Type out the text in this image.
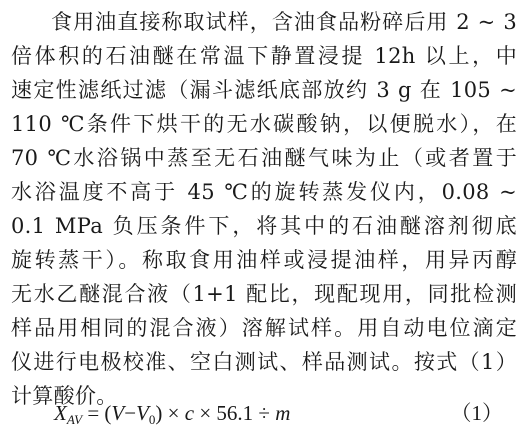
食用油直接称取试样，含油食品粉碎后用 2 ~ 3
倍体积的石油醚在常温下静置浸提 12h 以上，中
速定性滤纸过滤（漏斗滤纸底部放约 3 g 在 105 ~
110 ℃条件下烘干的无水碳酸钠，以便脱水），在
70 ℃水浴锅中蒸至无石油醚气味为止（或者置于
水浴温度不高于 45 ℃的旋转蒸发仪内，0.08 ~
0.1 MPa 负压条件下，将其中的石油醚溶剂彻底
旋转蒸干）。称取食用油样或浸提油样，用异丙醇
无水乙醚混合液（1+1 配比，现配现用，同批检测
样品用相同的混合液）溶解试样。用自动电位滴定
仪进行电极校准、空白测试、样品测试。按式（1）
计算酸价。
$X_{AV} = (V-V_0) \times c \times 56.1 \div m$	（1）
